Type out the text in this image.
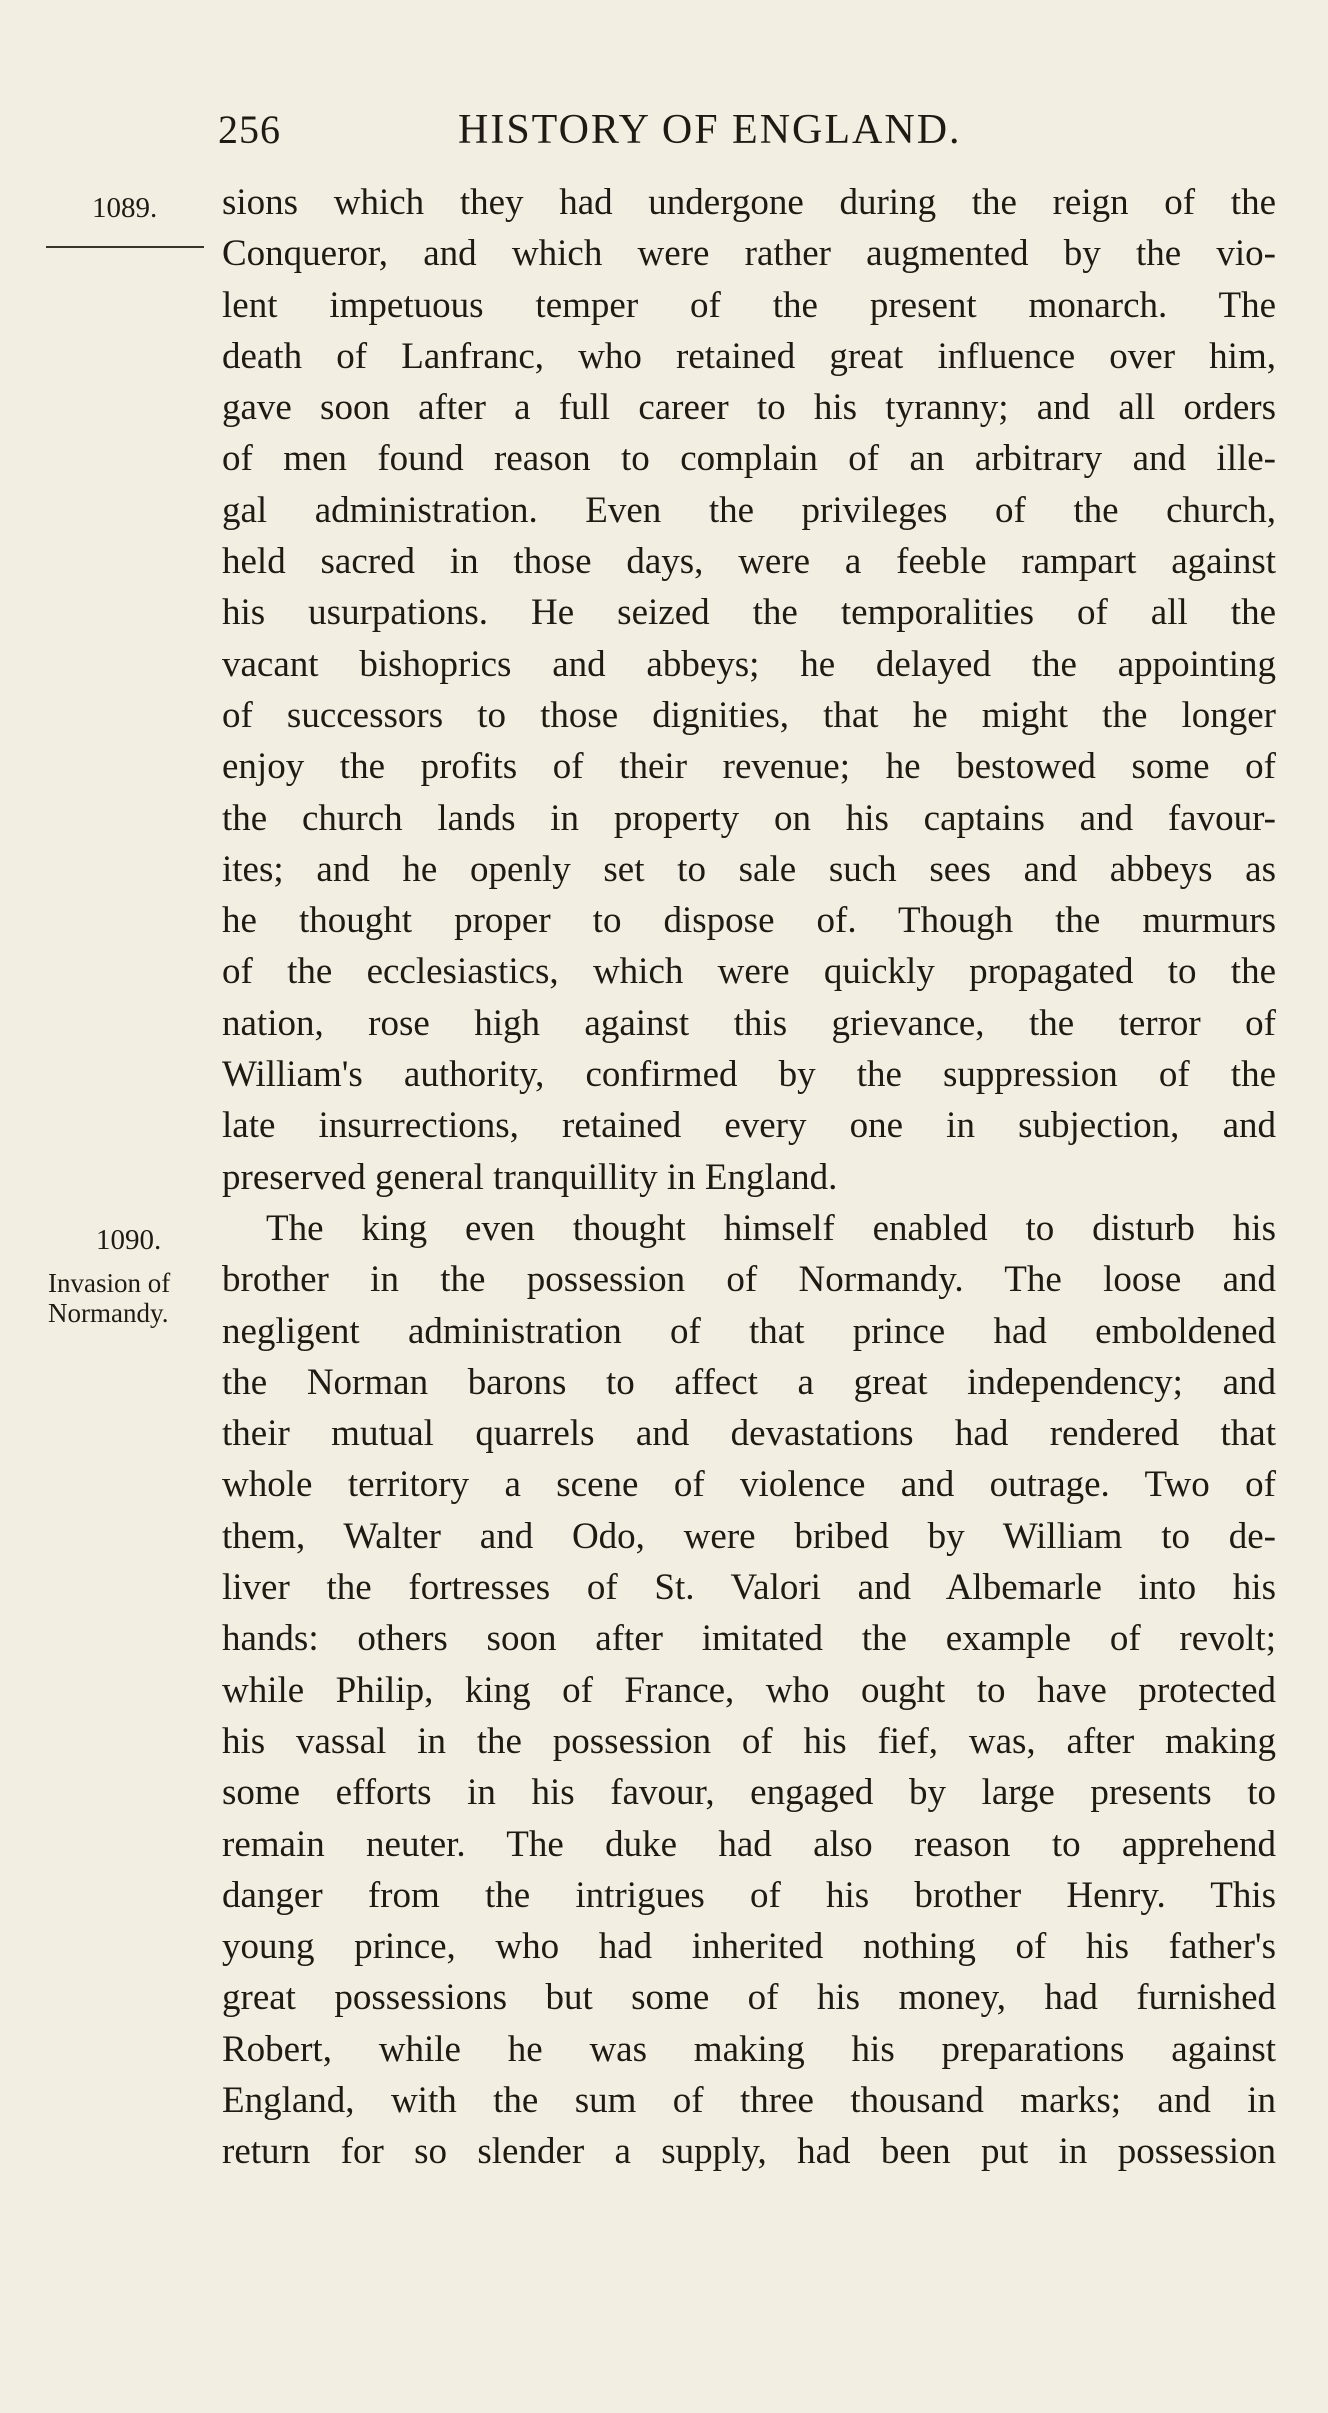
256	HISTORY OF ENGLAND.
1089.
1090.
Invasion of
Normandy.
sions which they had undergone during the reign of the
Conqueror, and which were rather augmented by the vio-
lent impetuous temper of the present monarch. The
death of Lanfranc, who retained great influence over him,
gave soon after a full career to his tyranny; and all orders
of men found reason to complain of an arbitrary and ille-
gal administration. Even the privileges of the church,
held sacred in those days, were a feeble rampart against
his usurpations. He seized the temporalities of all the
vacant bishoprics and abbeys; he delayed the appointing
of successors to those dignities, that he might the longer
enjoy the profits of their revenue; he bestowed some of
the church lands in property on his captains and favour-
ites; and he openly set to sale such sees and abbeys as
he thought proper to dispose of. Though the murmurs
of the ecclesiastics, which were quickly propagated to the
nation, rose high against this grievance, the terror of
William's authority, confirmed by the suppression of the
late insurrections, retained every one in subjection, and
preserved general tranquillity in England.
The king even thought himself enabled to disturb his
brother in the possession of Normandy. The loose and
negligent administration of that prince had emboldened
the Norman barons to affect a great independency; and
their mutual quarrels and devastations had rendered that
whole territory a scene of violence and outrage. Two of
them, Walter and Odo, were bribed by William to de-
liver the fortresses of St. Valori and Albemarle into his
hands: others soon after imitated the example of revolt;
while Philip, king of France, who ought to have protected
his vassal in the possession of his fief, was, after making
some efforts in his favour, engaged by large presents to
remain neuter. The duke had also reason to apprehend
danger from the intrigues of his brother Henry. This
young prince, who had inherited nothing of his father's
great possessions but some of his money, had furnished
Robert, while he was making his preparations against
England, with the sum of three thousand marks; and in
return for so slender a supply, had been put in possession
